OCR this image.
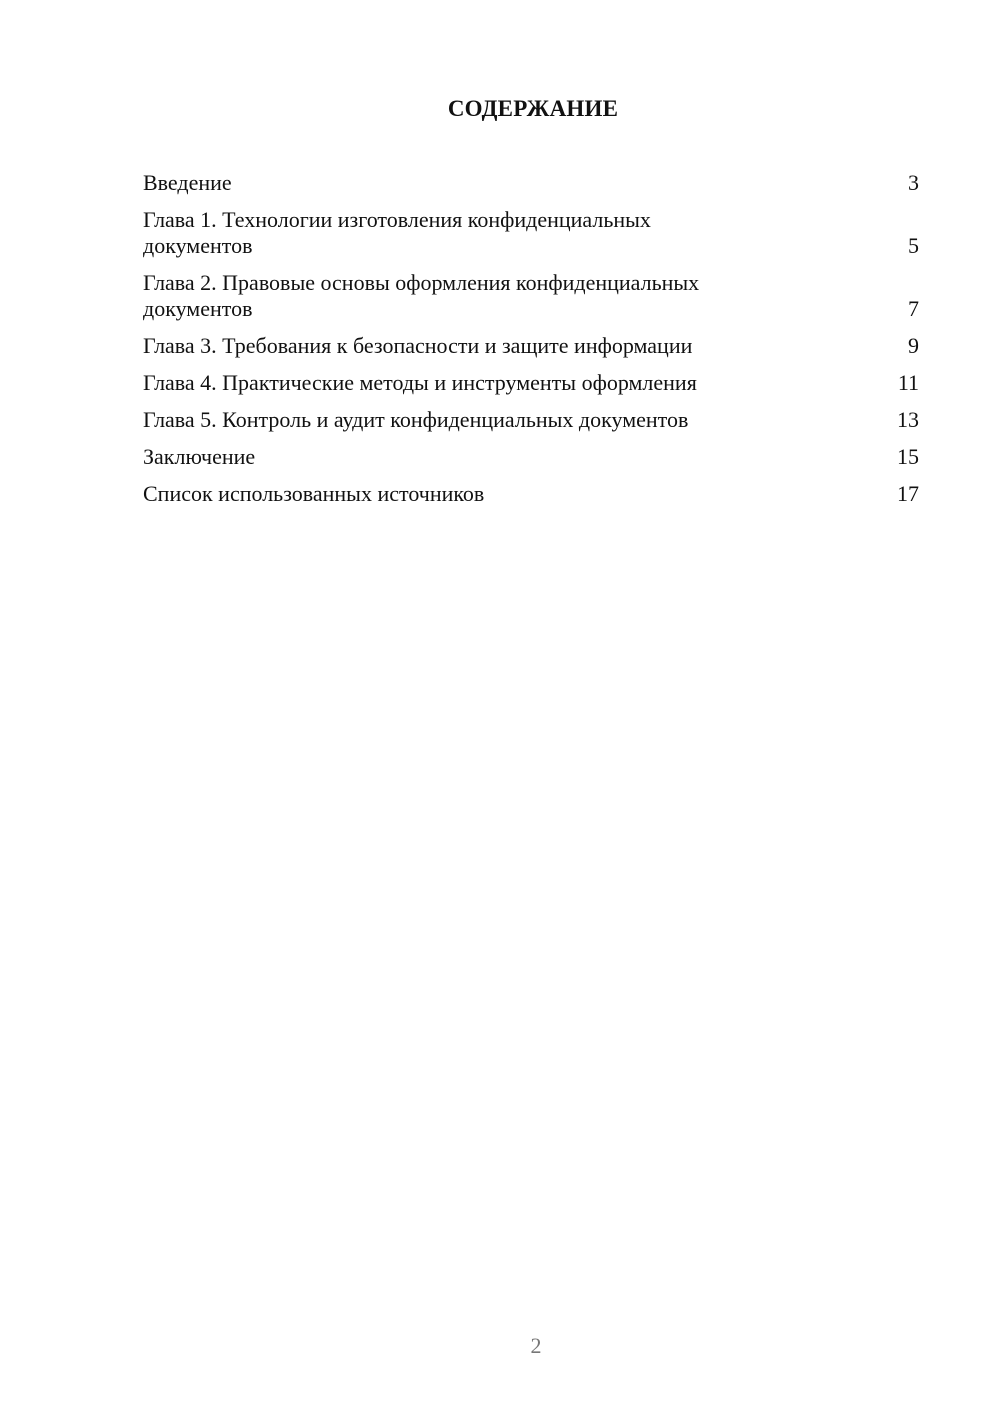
СОДЕРЖАНИЕ
Введение	3
Глава 1. Технологии изготовления конфиденциальных документов	5
Глава 2. Правовые основы оформления конфиденциальных документов	7
Глава 3. Требования к безопасности и защите информации	9
Глава 4. Практические методы и инструменты оформления	11
Глава 5. Контроль и аудит конфиденциальных документов	13
Заключение	15
Список использованных источников	17
2
